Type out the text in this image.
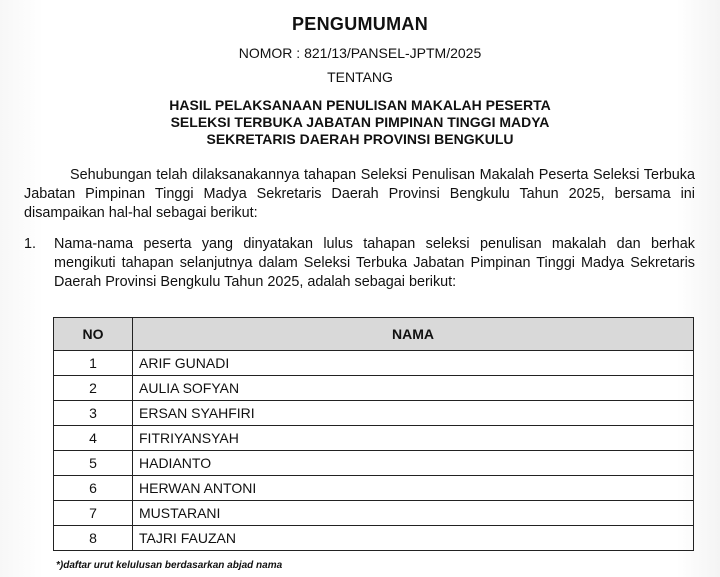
PENGUMUMAN
NOMOR : 821/13/PANSEL-JPTM/2025
TENTANG
HASIL PELAKSANAAN PENULISAN MAKALAH PESERTA
SELEKSI TERBUKA JABATAN PIMPINAN TINGGI MADYA
SEKRETARIS DAERAH PROVINSI BENGKULU
Sehubungan telah dilaksanakannya tahapan Seleksi Penulisan Makalah Peserta Seleksi Terbuka Jabatan Pimpinan Tinggi Madya Sekretaris Daerah Provinsi Bengkulu Tahun 2025, bersama ini disampaikan hal-hal sebagai berikut:
1. Nama-nama peserta yang dinyatakan lulus tahapan seleksi penulisan makalah dan berhak mengikuti tahapan selanjutnya dalam Seleksi Terbuka Jabatan Pimpinan Tinggi Madya Sekretaris Daerah Provinsi Bengkulu Tahun 2025, adalah sebagai berikut:
NO	NAMA
1	ARIF GUNADI
2	AULIA SOFYAN
3	ERSAN SYAHFIRI
4	FITRIYANSYAH
5	HADIANTO
6	HERWAN ANTONI
7	MUSTARANI
8	TAJRI FAUZAN
*)daftar urut kelulusan berdasarkan abjad nama
